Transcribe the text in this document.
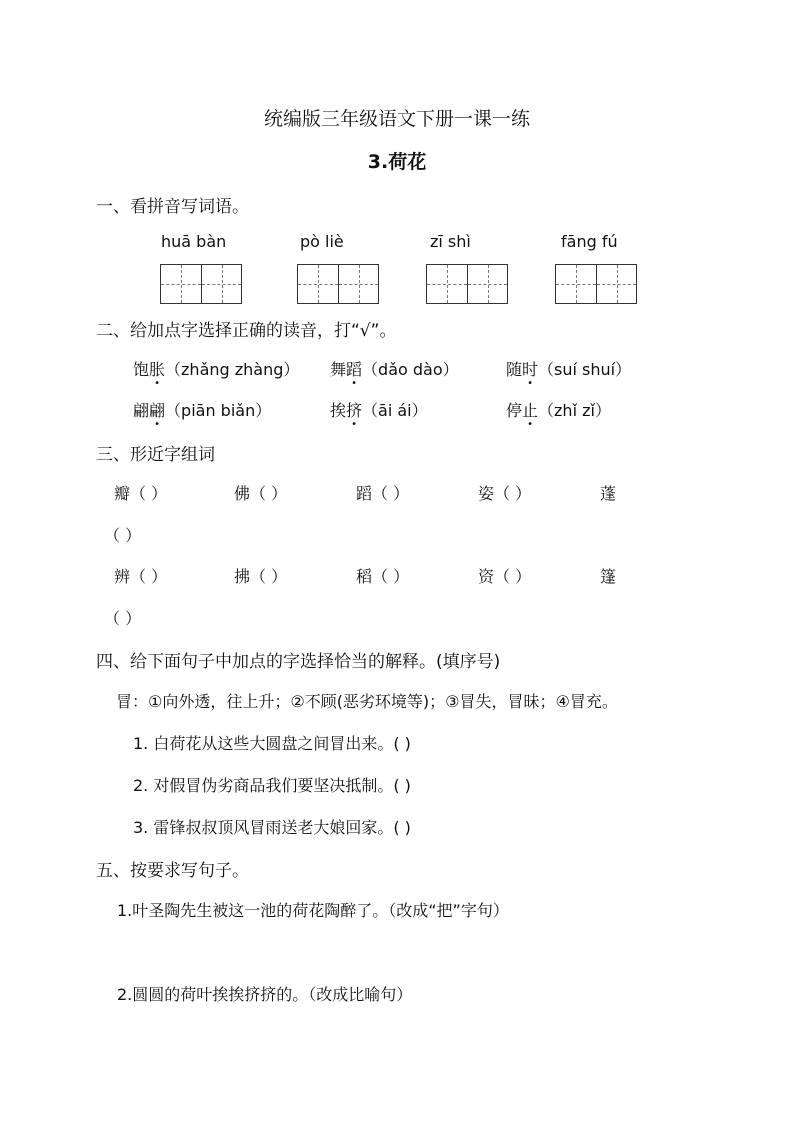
统编版三年级语文下册一课一练
3.荷花
一、看拼音写词语。
huā bàn	pò liè	zī shì	fāng fú
二、给加点字选择正确的读音，打“√”。
饱胀（zhǎng zhàng） 舞蹈（dǎo dào）	随时（suí shuí）
翩翩（piān biǎn）	挨挤（āi ái）	停止（zhǐ zǐ）
三、形近字组词
瓣（ ）	佛（ ）	蹈（ ）	姿（ ）	蓬
（ ）
辨（ ）	拂（ ）	稻（ ）	资（ ）	篷
（ ）
四、给下面句子中加点的字选择恰当的解释。(填序号)
冒：①向外透，往上升；②不顾(恶劣环境等)；③冒失，冒昧；④冒充。
1. 白荷花从这些大圆盘之间冒出来。( )
2. 对假冒伪劣商品我们要坚决抵制。( )
3. 雷锋叔叔顶风冒雨送老大娘回家。( )
五、按要求写句子。
1.叶圣陶先生被这一池的荷花陶醉了。（改成“把”字句）
2.圆圆的荷叶挨挨挤挤的。（改成比喻句）
